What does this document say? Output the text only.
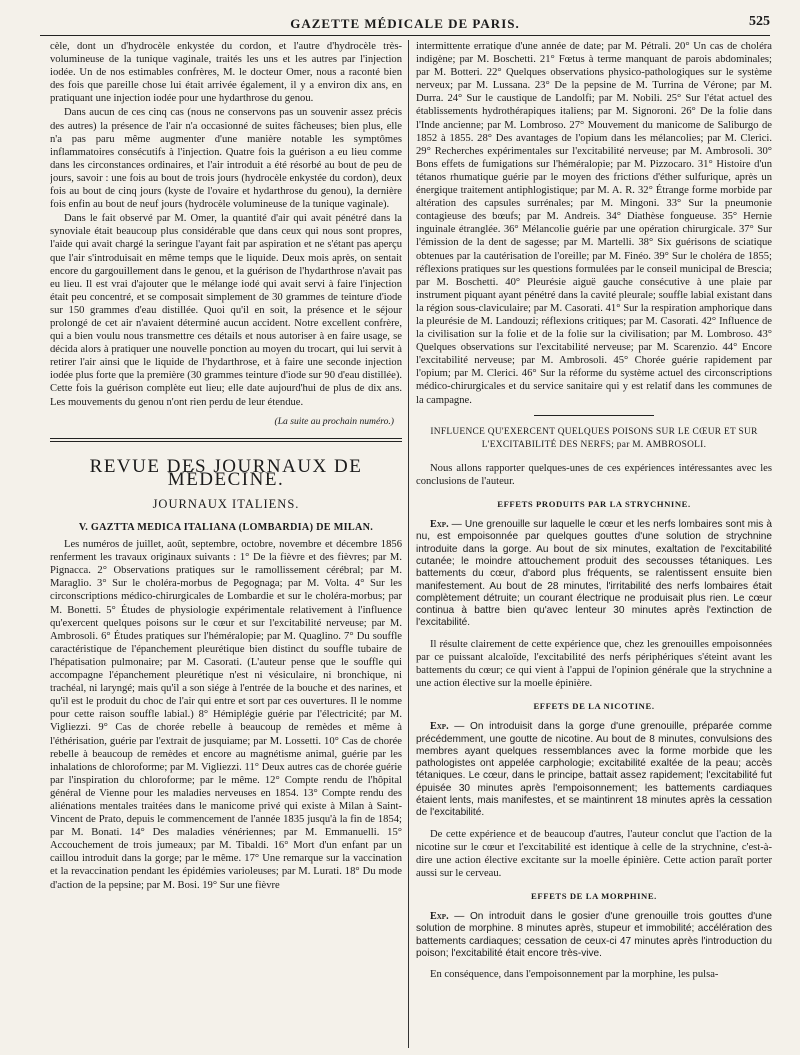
GAZETTE MÉDICALE DE PARIS.	525

cèle, dont un d'hydrocèle enkystée du cordon, et l'autre d'hydrocèle très-volumineuse de la tunique vaginale, traités les uns et les autres par l'injection iodée. Un de nos estimables confrères, M. le docteur Omer, nous a raconté bien des fois que pareille chose lui était arrivée également, il y a environ dix ans, en pratiquant une injection iodée pour une hydarthrose du genou.

Dans aucun de ces cinq cas (nous ne conservons pas un souvenir assez précis des autres) la présence de l'air n'a occasionné de suites fâcheuses; bien plus, elle n'a pas paru même augmenter d'une manière notable les symptômes inflammatoires consécutifs à l'injection. Quatre fois la guérison a eu lieu comme dans les circonstances ordinaires, et l'air introduit a été résorbé au bout de peu de jours, savoir : une fois au bout de trois jours (hydrocèle enkystée du cordon), deux fois au bout de cinq jours (kyste de l'ovaire et hydarthrose du genou), la dernière fois enfin au bout de neuf jours (hydrocèle volumineuse de la tunique vaginale).

Dans le fait observé par M. Omer, la quantité d'air qui avait pénétré dans la synoviale était beaucoup plus considérable que dans ceux qui nous sont propres, l'aide qui avait chargé la seringue l'ayant fait par aspiration et ne s'étant pas aperçu que l'air s'introduisait en même temps que le liquide. Deux mois après, on sentait encore du gargouillement dans le genou, et la guérison de l'hydarthrose n'avait pas eu lieu. Il est vrai d'ajouter que le mélange iodé qui avait servi à faire l'injection était peu concentré, et se composait simplement de 30 grammes de teinture d'iode sur 150 grammes d'eau distillée. Quoi qu'il en soit, la présence et le séjour prolongé de cet air n'avaient déterminé aucun accident. Notre excellent confrère, qui a bien voulu nous transmettre ces détails et nous autoriser à en faire usage, se décida alors à pratiquer une nouvelle ponction au moyen du trocart, qui lui servit à retirer l'air ainsi que le liquide de l'hydarthrose, et à faire une seconde injection iodée plus forte que la première (30 grammes teinture d'iode sur 90 d'eau distillée). Cette fois la guérison complète eut lieu; elle date aujourd'hui de plus de dix ans. Les mouvements du genou n'ont rien perdu de leur étendue.

(La suite au prochain numéro.)
REVUE DES JOURNAUX DE MÉDECINE.
JOURNAUX ITALIENS.
V. GAZTTA MEDICA ITALIANA (LOMBARDIA) DE MILAN.

Les numéros de juillet, août, septembre, octobre, novembre et décembre 1856 renferment les travaux originaux suivants : 1° De la fièvre et des fièvres; par M. Pignacca. 2° Observations pratiques sur le ramollissement cérébral; par M. Maraglio. 3° Sur le choléra-morbus de Pegognaga; par M. Volta. 4° Sur les circonscriptions médico-chirurgicales de Lombardie et sur le choléra-morbus; par M. Bonetti. 5° Études de physiologie expérimentale relativement à l'influence qu'exercent quelques poisons sur le cœur et sur l'excitabilité nerveuse; par M. Ambrosoli. 6° Études pratiques sur l'héméralopie; par M. Quaglino. 7° Du souffle caractéristique de l'épanchement pleurétique bien distinct du souffle tubaire de l'hépatisation pulmonaire; par M. Casorati. (L'auteur pense que le souffle qui accompagne l'épanchement pleurétique n'est ni vésiculaire, ni bronchique, ni trachéal, ni laryngé; mais qu'il a son siége à l'entrée de la bouche et des narines, et qu'il est le produit du choc de l'air qui entre et sort par ces ouvertures. Il le nomme pour cette raison souffle labial.) 8° Hémiplégie guérie par l'électricité; par M. Vigliezzi. 9° Cas de chorée rebelle à beaucoup de remèdes et même à l'éthérisation, guérie par l'extrait de jusquiame; par M. Lossetti. 10° Cas de chorée rebelle à beaucoup de remèdes et encore au magnétisme animal, guérie par les inhalations de chloroforme; par M. Vigliezzi. 11° Deux autres cas de chorée guérie par l'inspiration du chloroforme; par le même. 12° Compte rendu de l'hôpital général de Vienne pour les maladies nerveuses en 1854. 13° Compte rendu des aliénations mentales traitées dans le manicome privé qui existe à Milan à Saint-Vincent de Prato, depuis le commencement de l'année 1835 jusqu'à la fin de 1854; par M. Bonati. 14° Des maladies vénériennes; par M. Emmanuelli. 15° Accouchement de trois jumeaux; par M. Tibaldi. 16° Mort d'un enfant par un caillou introduit dans la gorge; par le même. 17° Une remarque sur la vaccination et la revaccination pendant les épidémies varioleuses; par M. Lurati. 18° Du mode d'action de la pepsine; par M. Bosi. 19° Sur une fièvre

intermittente erratique d'une année de date; par M. Pétrali. 20° Un cas de choléra indigène; par M. Boschetti. 21° Fœtus à terme manquant de parois abdominales; par M. Botteri. 22° Quelques observations physico-pathologiques sur le système nerveux; par M. Lussana. 23° De la pepsine de M. Turrina de Vérone; par M. Durra. 24° Sur le caustique de Landolfi; par M. Nobili. 25° Sur l'état actuel des établissements hydrothérapiques italiens; par M. Signoroni. 26° De la folie dans l'Inde ancienne; par M. Lombroso. 27° Mouvement du manicome de Saliburgo de 1852 à 1855. 28° Des avantages de l'opium dans les mélancolies; par M. Clerici. 29° Recherches expérimentales sur l'excitabilité nerveuse; par M. Ambrosoli. 30° Bons effets de fumigations sur l'héméralopie; par M. Pizzocaro. 31° Histoire d'un tétanos rhumatique guérie par le moyen des frictions d'éther sulfurique, après un énergique traitement antiphlogistique; par M. A. R. 32° Étrange forme morbide par altération des capsules surrénales; par M. Mingoni. 33° Sur la pneumonie contagieuse des bœufs; par M. Andreis. 34° Diathèse fongueuse. 35° Hernie inguinale étranglée. 36° Mélancolie guérie par une opération chirurgicale. 37° Sur l'émission de la dent de sagesse; par M. Martelli. 38° Six guérisons de sciatique obtenues par la cautérisation de l'oreille; par M. Finéo. 39° Sur le choléra de 1855; réflexions pratiques sur les questions formulées par le conseil municipal de Brescia; par M. Boschetti. 40° Pleurésie aiguë gauche consécutive à une plaie par instrument piquant ayant pénétré dans la cavité pleurale; souffle labial existant dans la région sous-claviculaire; par M. Casorati. 41° Sur la respiration amphorique dans la pleurésie de M. Landouzi; réflexions critiques; par M. Casorati. 42° Influence de la civilisation sur la folie et de la folie sur la civilisation; par M. Lombroso. 43° Quelques observations sur l'excitabilité nerveuse; par M. Scarenzio. 44° Encore l'excitabilité nerveuse; par M. Ambrosoli. 45° Chorée guérie rapidement par l'opium; par M. Clerici. 46° Sur la réforme du système actuel des circonscriptions médico-chirurgicales et du service sanitaire qui y est relatif dans les communes de la campagne.

INFLUENCE QU'EXERCENT QUELQUES POISONS SUR LE CŒUR ET SUR L'EXCITABILITÉ DES NERFS; par M. AMBROSOLI.

Nous allons rapporter quelques-unes de ces expériences intéressantes avec les conclusions de l'auteur.

EFFETS PRODUITS PAR LA STRYCHNINE.

Exp. — Une grenouille sur laquelle le cœur et les nerfs lombaires sont mis à nu, est empoisonnée par quelques gouttes d'une solution de strychnine introduite dans la gorge. Au bout de six minutes, exaltation de l'excitabilité cutanée; le moindre attouchement produit des secousses tétaniques. Les battements du cœur, d'abord plus fréquents, se ralentissent ensuite bien manifestement. Au bout de 28 minutes, l'irritabilité des nerfs lombaires était complètement détruite; un courant électrique ne produisait plus rien. Le cœur continua à battre bien qu'avec lenteur 30 minutes après l'extinction de l'excitabilité.

Il résulte clairement de cette expérience que, chez les grenouilles empoisonnées par ce puissant alcaloïde, l'excitabilité des nerfs périphériques s'éteint avant les battements du cœur; ce qui vient à l'appui de l'opinion générale que la strychnine a une action élective sur la moelle épinière.

EFFETS DE LA NICOTINE.

Exp. — On introduisit dans la gorge d'une grenouille, préparée comme précédemment, une goutte de nicotine. Au bout de 8 minutes, convulsions des membres ayant quelques ressemblances avec la forme morbide que les pathologistes ont appelée carphologie; excitabilité exaltée de la peau; accès tétaniques. Le cœur, dans le principe, battait assez rapidement; l'excitabilité fut épuisée 30 minutes après l'empoisonnement; les battements cardiaques étaient lents, mais manifestes, et se maintinrent 18 minutes après la cessation de l'excitabilité.

De cette expérience et de beaucoup d'autres, l'auteur conclut que l'action de la nicotine sur le cœur et l'excitabilité est identique à celle de la strychnine, c'est-à-dire une action élective excitante sur la moelle épinière. Cette action paraît porter aussi sur le cerveau.

EFFETS DE LA MORPHINE.

Exp. — On introduit dans le gosier d'une grenouille trois gouttes d'une solution de morphine. 8 minutes après, stupeur et immobilité; accélération des battements cardiaques; cessation de ceux-ci 47 minutes après l'introduction du poison; l'excitabilité était encore très-vive.

En conséquence, dans l'empoisonnement par la morphine, les pulsa-
